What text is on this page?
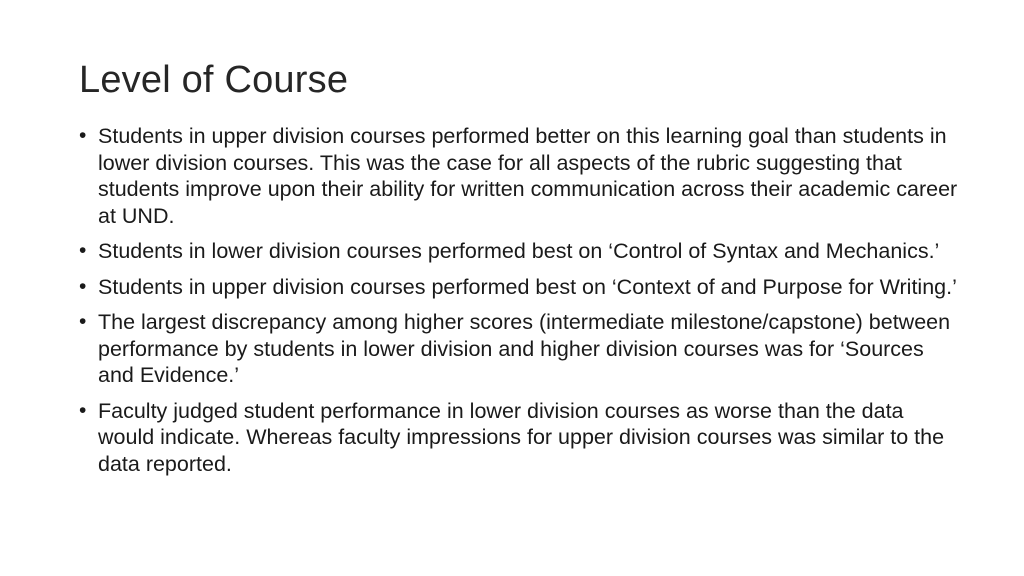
Level of Course
• Students in upper division courses performed better on this learning goal than students in lower division courses. This was the case for all aspects of the rubric suggesting that students improve upon their ability for written communication across their academic career at UND.
• Students in lower division courses performed best on ‘Control of Syntax and Mechanics.’
• Students in upper division courses performed best on ‘Context of and Purpose for Writing.’
• The largest discrepancy among higher scores (intermediate milestone/capstone) between performance by students in lower division and higher division courses was for ‘Sources and Evidence.’
• Faculty judged student performance in lower division courses as worse than the data would indicate. Whereas faculty impressions for upper division courses was similar to the data reported.
